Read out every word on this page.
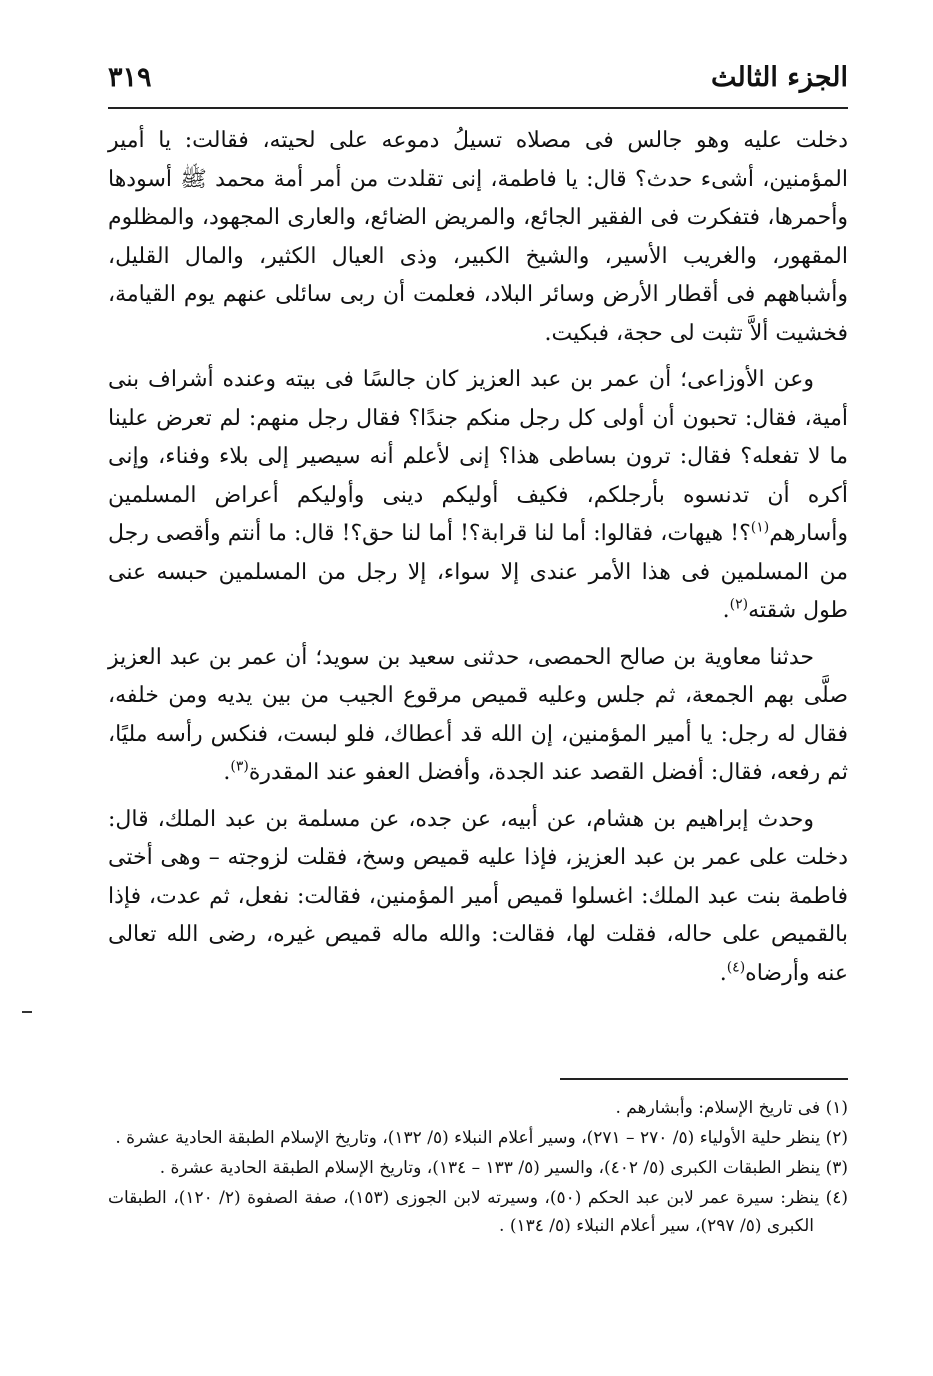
الجزء الثالث
٣١٩

دخلت عليه وهو جالس فى مصلاه تسيلُ دموعه على لحيته، فقالت: يا أمير المؤمنين، أشىء حدث؟ قال: يا فاطمة، إنى تقلدت من أمر أمة محمد ﷺ أسودها وأحمرها، فتفكرت فى الفقير الجائع، والمريض الضائع، والعارى المجهود، والمظلوم المقهور، والغريب الأسير، والشيخ الكبير، وذى العيال الكثير، والمال القليل، وأشباههم فى أقطار الأرض وسائر البلاد، فعلمت أن ربى سائلى عنهم يوم القيامة، فخشيت ألاَّ تثبت لى حجة، فبكيت.

وعن الأوزاعى؛ أن عمر بن عبد العزيز كان جالسًا فى بيته وعنده أشراف بنى أمية، فقال: تحبون أن أولى كل رجل منكم جندًا؟ فقال رجل منهم: لم تعرض علينا ما لا تفعله؟ فقال: ترون بساطى هذا؟ إنى لأعلم أنه سيصير إلى بلاء وفناء، وإنى أكره أن تدنسوه بأرجلكم، فكيف أوليكم دينى وأوليكم أعراض المسلمين وأسارهم$^{(١)}$؟! هيهات، فقالوا: أما لنا قرابة؟! أما لنا حق؟! قال: ما أنتم وأقصى رجل من المسلمين فى هذا الأمر عندى إلا سواء، إلا رجل من المسلمين حبسه عنى طول شقته$^{(٢)}$.

حدثنا معاوية بن صالح الحمصى، حدثنى سعيد بن سويد؛ أن عمر بن عبد العزيز صلَّى بهم الجمعة، ثم جلس وعليه قميص مرقوع الجيب من بين يديه ومن خلفه، فقال له رجل: يا أمير المؤمنين، إن الله قد أعطاك، فلو لبست، فنكس رأسه مليًا، ثم رفعه، فقال: أفضل القصد عند الجدة، وأفضل العفو عند المقدرة$^{(٣)}$.

وحدث إبراهيم بن هشام، عن أبيه، عن جده، عن مسلمة بن عبد الملك، قال: دخلت على عمر بن عبد العزيز، فإذا عليه قميص وسخ، فقلت لزوجته – وهى أختى فاطمة بنت عبد الملك: اغسلوا قميص أمير المؤمنين، فقالت: نفعل، ثم عدت، فإذا بالقميص على حاله، فقلت لها، فقالت: والله ماله قميص غيره، رضى الله تعالى عنه وأرضاه$^{(٤)}$.

(١) فى تاريخ الإسلام: وأبشارهم .
(٢) ينظر حلية الأولياء (٥/ ٢٧٠ – ٢٧١)، وسير أعلام النبلاء (٥/ ١٣٢)، وتاريخ الإسلام الطبقة الحادية عشرة .
(٣) ينظر الطبقات الكبرى (٥/ ٤٠٢)، والسير (٥/ ١٣٣ – ١٣٤)، وتاريخ الإسلام الطبقة الحادية عشرة .
(٤) ينظر: سيرة عمر لابن عبد الحكم (٥٠)، وسيرته لابن الجوزى (١٥٣)، صفة الصفوة (٢/ ١٢٠)، الطبقات الكبرى (٥/ ٢٩٧)، سير أعلام النبلاء (٥/ ١٣٤) .
